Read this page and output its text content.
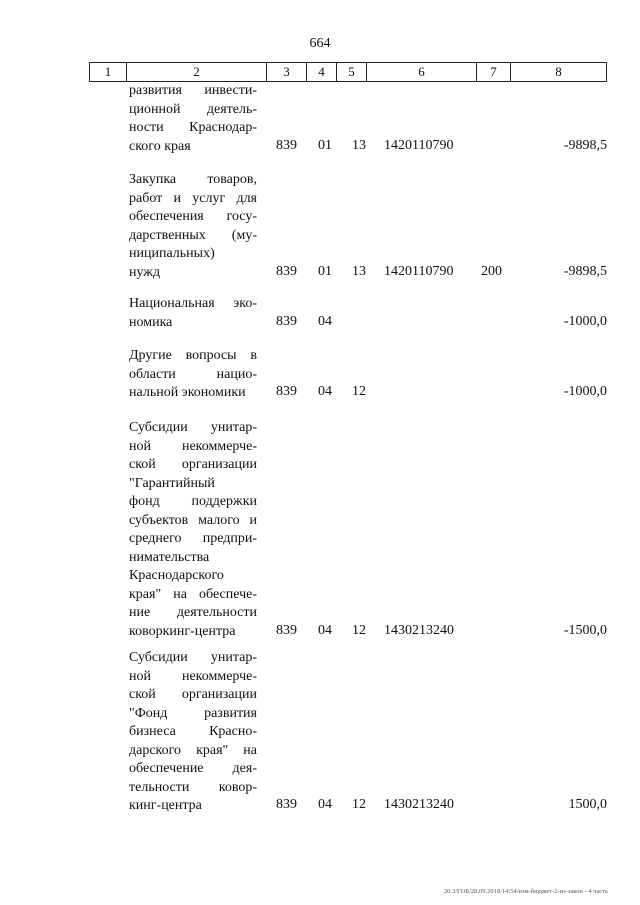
664
1	2	3	4	5	6	7	8
развития инвести-
ционной деятель-
ности Краснодар-
ского края	839 01 13 1420110790	-9898,5
Закупка товаров,
работ и услуг для
обеспечения госу-
дарственных (му-
ниципальных)
нужд	839 01 13 1420110790 200	-9898,5
Национальная эко-
номика	839 04	-1000,0
Другие вопросы в
области нацио-
нальной экономики	839 04 12	-1000,0
Субсидии унитар-
ной некоммерче-
ской организации
"Гарантийный
фонд поддержки
субъектов малого и
среднего предпри-
нимательства
Краснодарского
края" на обеспече-
ние деятельности
коворкинг-центра	839 04 12 1430213240	-1500,0
Субсидии унитар-
ной некоммерче-
ской организации
"Фонд развития
бизнеса Красно-
дарского края" на
обеспечение дея-
тельности ковор-
кинг-центра	839 04 12 1430213240	1500,0
20.3/ГОБ/28.09.2018/14:54/изм-бюджет-2-из-закон - 4 часть
